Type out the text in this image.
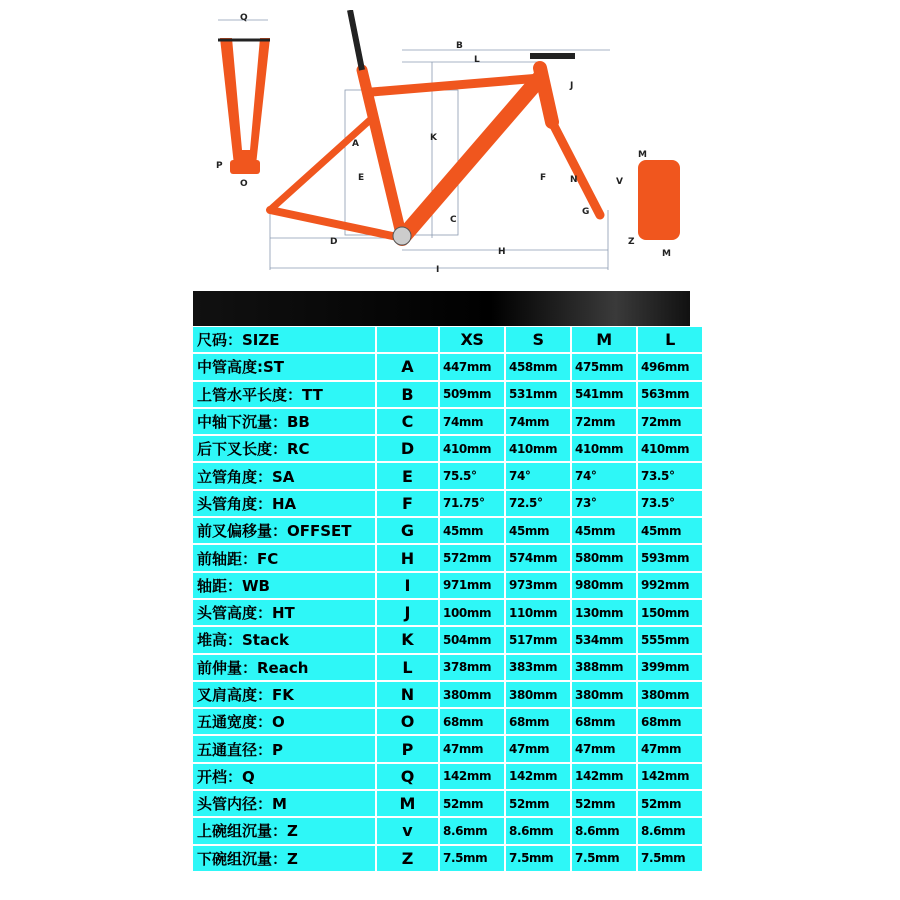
Q
B
L
J
A
K
E	F	N
C
G
D
H
I
P
O
M
V
Z
M
尺码：SIZE		XS	S	M	L
中管高度:ST	A	447mm	458mm	475mm	496mm
上管水平长度：TT	B	509mm	531mm	541mm	563mm
中轴下沉量：BB	C	74mm	74mm	72mm	72mm
后下叉长度：RC	D	410mm	410mm	410mm	410mm
立管角度：SA	E	75.5°	74°	74°	73.5°
头管角度：HA	F	71.75°	72.5°	73°	73.5°
前叉偏移量：OFFSET	G	45mm	45mm	45mm	45mm
前轴距：FC	H	572mm	574mm	580mm	593mm
轴距：WB	I	971mm	973mm	980mm	992mm
头管高度：HT	J	100mm	110mm	130mm	150mm
堆高：Stack	K	504mm	517mm	534mm	555mm
前伸量：Reach	L	378mm	383mm	388mm	399mm
叉肩高度：FK	N	380mm	380mm	380mm	380mm
五通宽度：O	O	68mm	68mm	68mm	68mm
五通直径：P	P	47mm	47mm	47mm	47mm
开档：Q	Q	142mm	142mm	142mm	142mm
头管内径：M	M	52mm	52mm	52mm	52mm
上碗组沉量：Z	v	8.6mm	8.6mm	8.6mm	8.6mm
下碗组沉量：Z	Z	7.5mm	7.5mm	7.5mm	7.5mm
